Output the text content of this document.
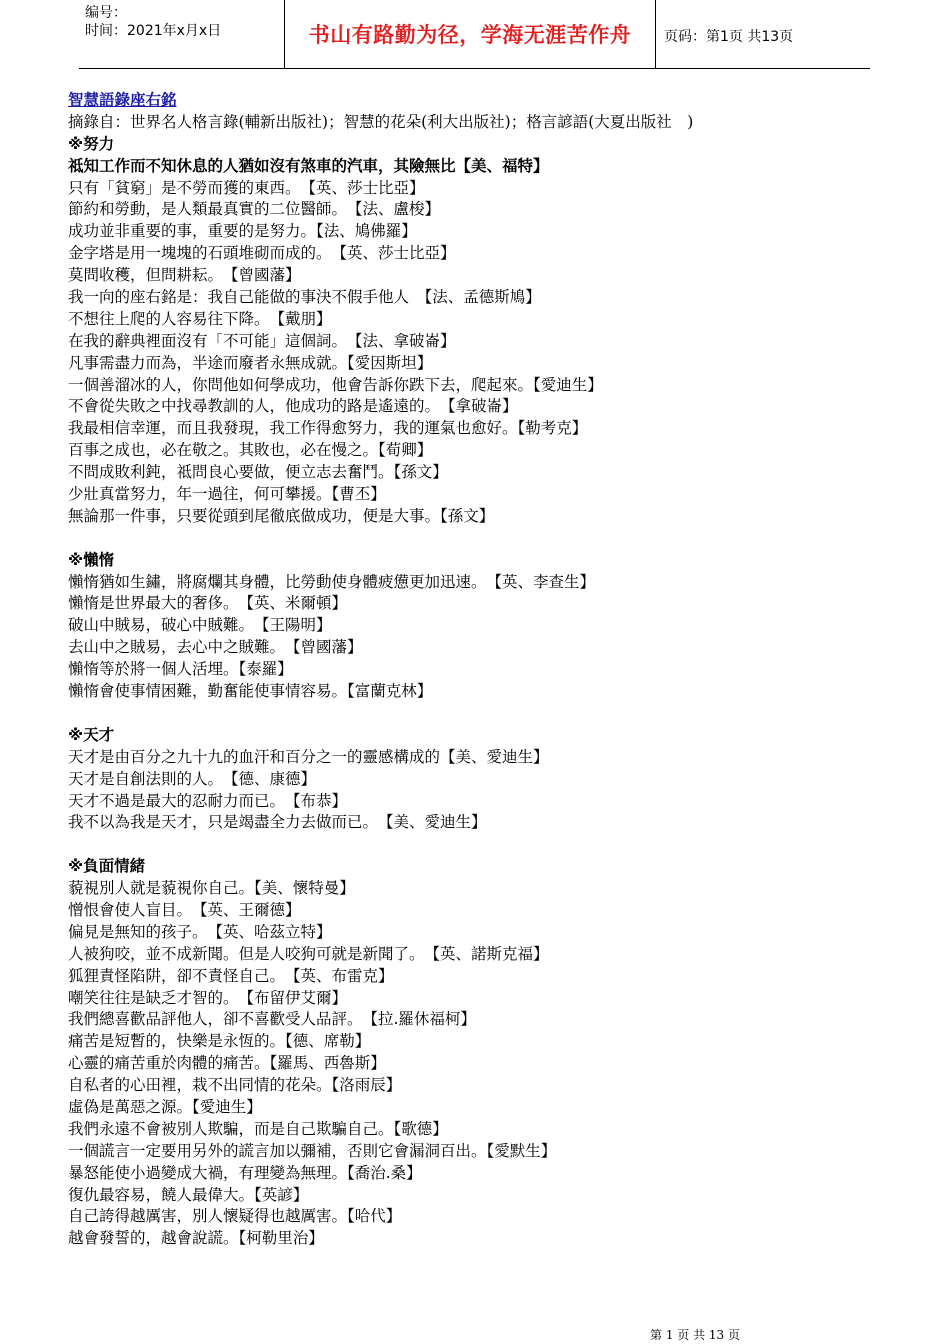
编号：
时间：2021年x月x日	书山有路勤为径，学海无涯苦作舟 页码：第1页 共13页
智慧語錄座右銘
摘錄自：世界名人格言錄(輔新出版社)；智慧的花朵(利大出版社)；格言諺語(大夏出版社　)
※努力
祗知工作而不知休息的人猶如沒有煞車的汽車，其險無比【美、福特】
只有「貧窮」是不勞而獲的東西。　【英、莎士比亞】
節約和勞動，是人類最真實的二位醫師。　【法、盧梭】
成功並非重要的事，重要的是努力。【法、鳩佛羅】
金字塔是用一塊塊的石頭堆砌而成的。　【英、莎士比亞】
莫問收穫，但問耕耘。　【曾國藩】
我一向的座右銘是：我自己能做的事決不假手他人　【法、孟德斯鳩】
不想往上爬的人容易往下降。　【戴朋】
在我的辭典裡面沒有「不可能」這個詞。　【法、拿破崙】
凡事需盡力而為，半途而廢者永無成就。【愛因斯坦】
一個善溜冰的人，你問他如何學成功，他會告訴你跌下去，爬起來。【愛迪生】
不會從失敗之中找尋教訓的人，他成功的路是遙遠的。　【拿破崙】
我最相信幸運，而且我發現，我工作得愈努力，我的運氣也愈好。【勒考克】
百事之成也，必在敬之。其敗也，必在慢之。【荀卿】
不問成敗利鈍，祗問良心要做，便立志去奮鬥。【孫文】
少壯真當努力，年一過往，何可攀援。【曹丕】
無論那一件事，只要從頭到尾徹底做成功，便是大事。【孫文】
※懶惰
懶惰猶如生鏽，將腐爛其身體，比勞動使身體疲憊更加迅速。　【英、李查生】
懶惰是世界最大的奢侈。　【英、米爾頓】
破山中賊易，破心中賊難。　【王陽明】
去山中之賊易，去心中之賊難。　【曾國藩】
懶惰等於將一個人活埋。【泰羅】
懶惰會使事情困難，勤奮能使事情容易。【富蘭克林】
※天才
天才是由百分之九十九的血汗和百分之一的靈感構成的【美、愛迪生】
天才是自創法則的人。　【德、康德】
天才不過是最大的忍耐力而已。　【布恭】
我不以為我是天才，只是竭盡全力去做而已。　【美、愛迪生】
※負面情緒
藐視別人就是藐視你自己。【美、懷特曼】
憎恨會使人盲目。　【英、王爾德】
偏見是無知的孩子。　【英、哈茲立特】
人被狗咬，並不成新聞。但是人咬狗可就是新聞了。　【英、諾斯克福】
狐狸責怪陷阱，卻不責怪自己。　【英、布雷克】
嘲笑往往是缺乏才智的。　【布留伊艾爾】
我們總喜歡品評他人，卻不喜歡受人品評。　【拉.羅休福柯】
痛苦是短暫的，快樂是永恆的。【德、席勒】
心靈的痛苦重於肉體的痛苦。【羅馬、西魯斯】
自私者的心田裡，栽不出同情的花朵。【洛雨辰】
虛偽是萬惡之源。【愛迪生】
我們永遠不會被別人欺騙，而是自己欺騙自己。【歌德】
一個謊言一定要用另外的謊言加以彌補，否則它會漏洞百出。【愛默生】
暴怒能使小過變成大禍，有理變為無理。【喬治.桑】
復仇最容易，饒人最偉大。【英諺】
自己誇得越厲害，別人懷疑得也越厲害。【哈代】
越會發誓的，越會說謊。【柯勒里治】
第 1 页 共 13 页
